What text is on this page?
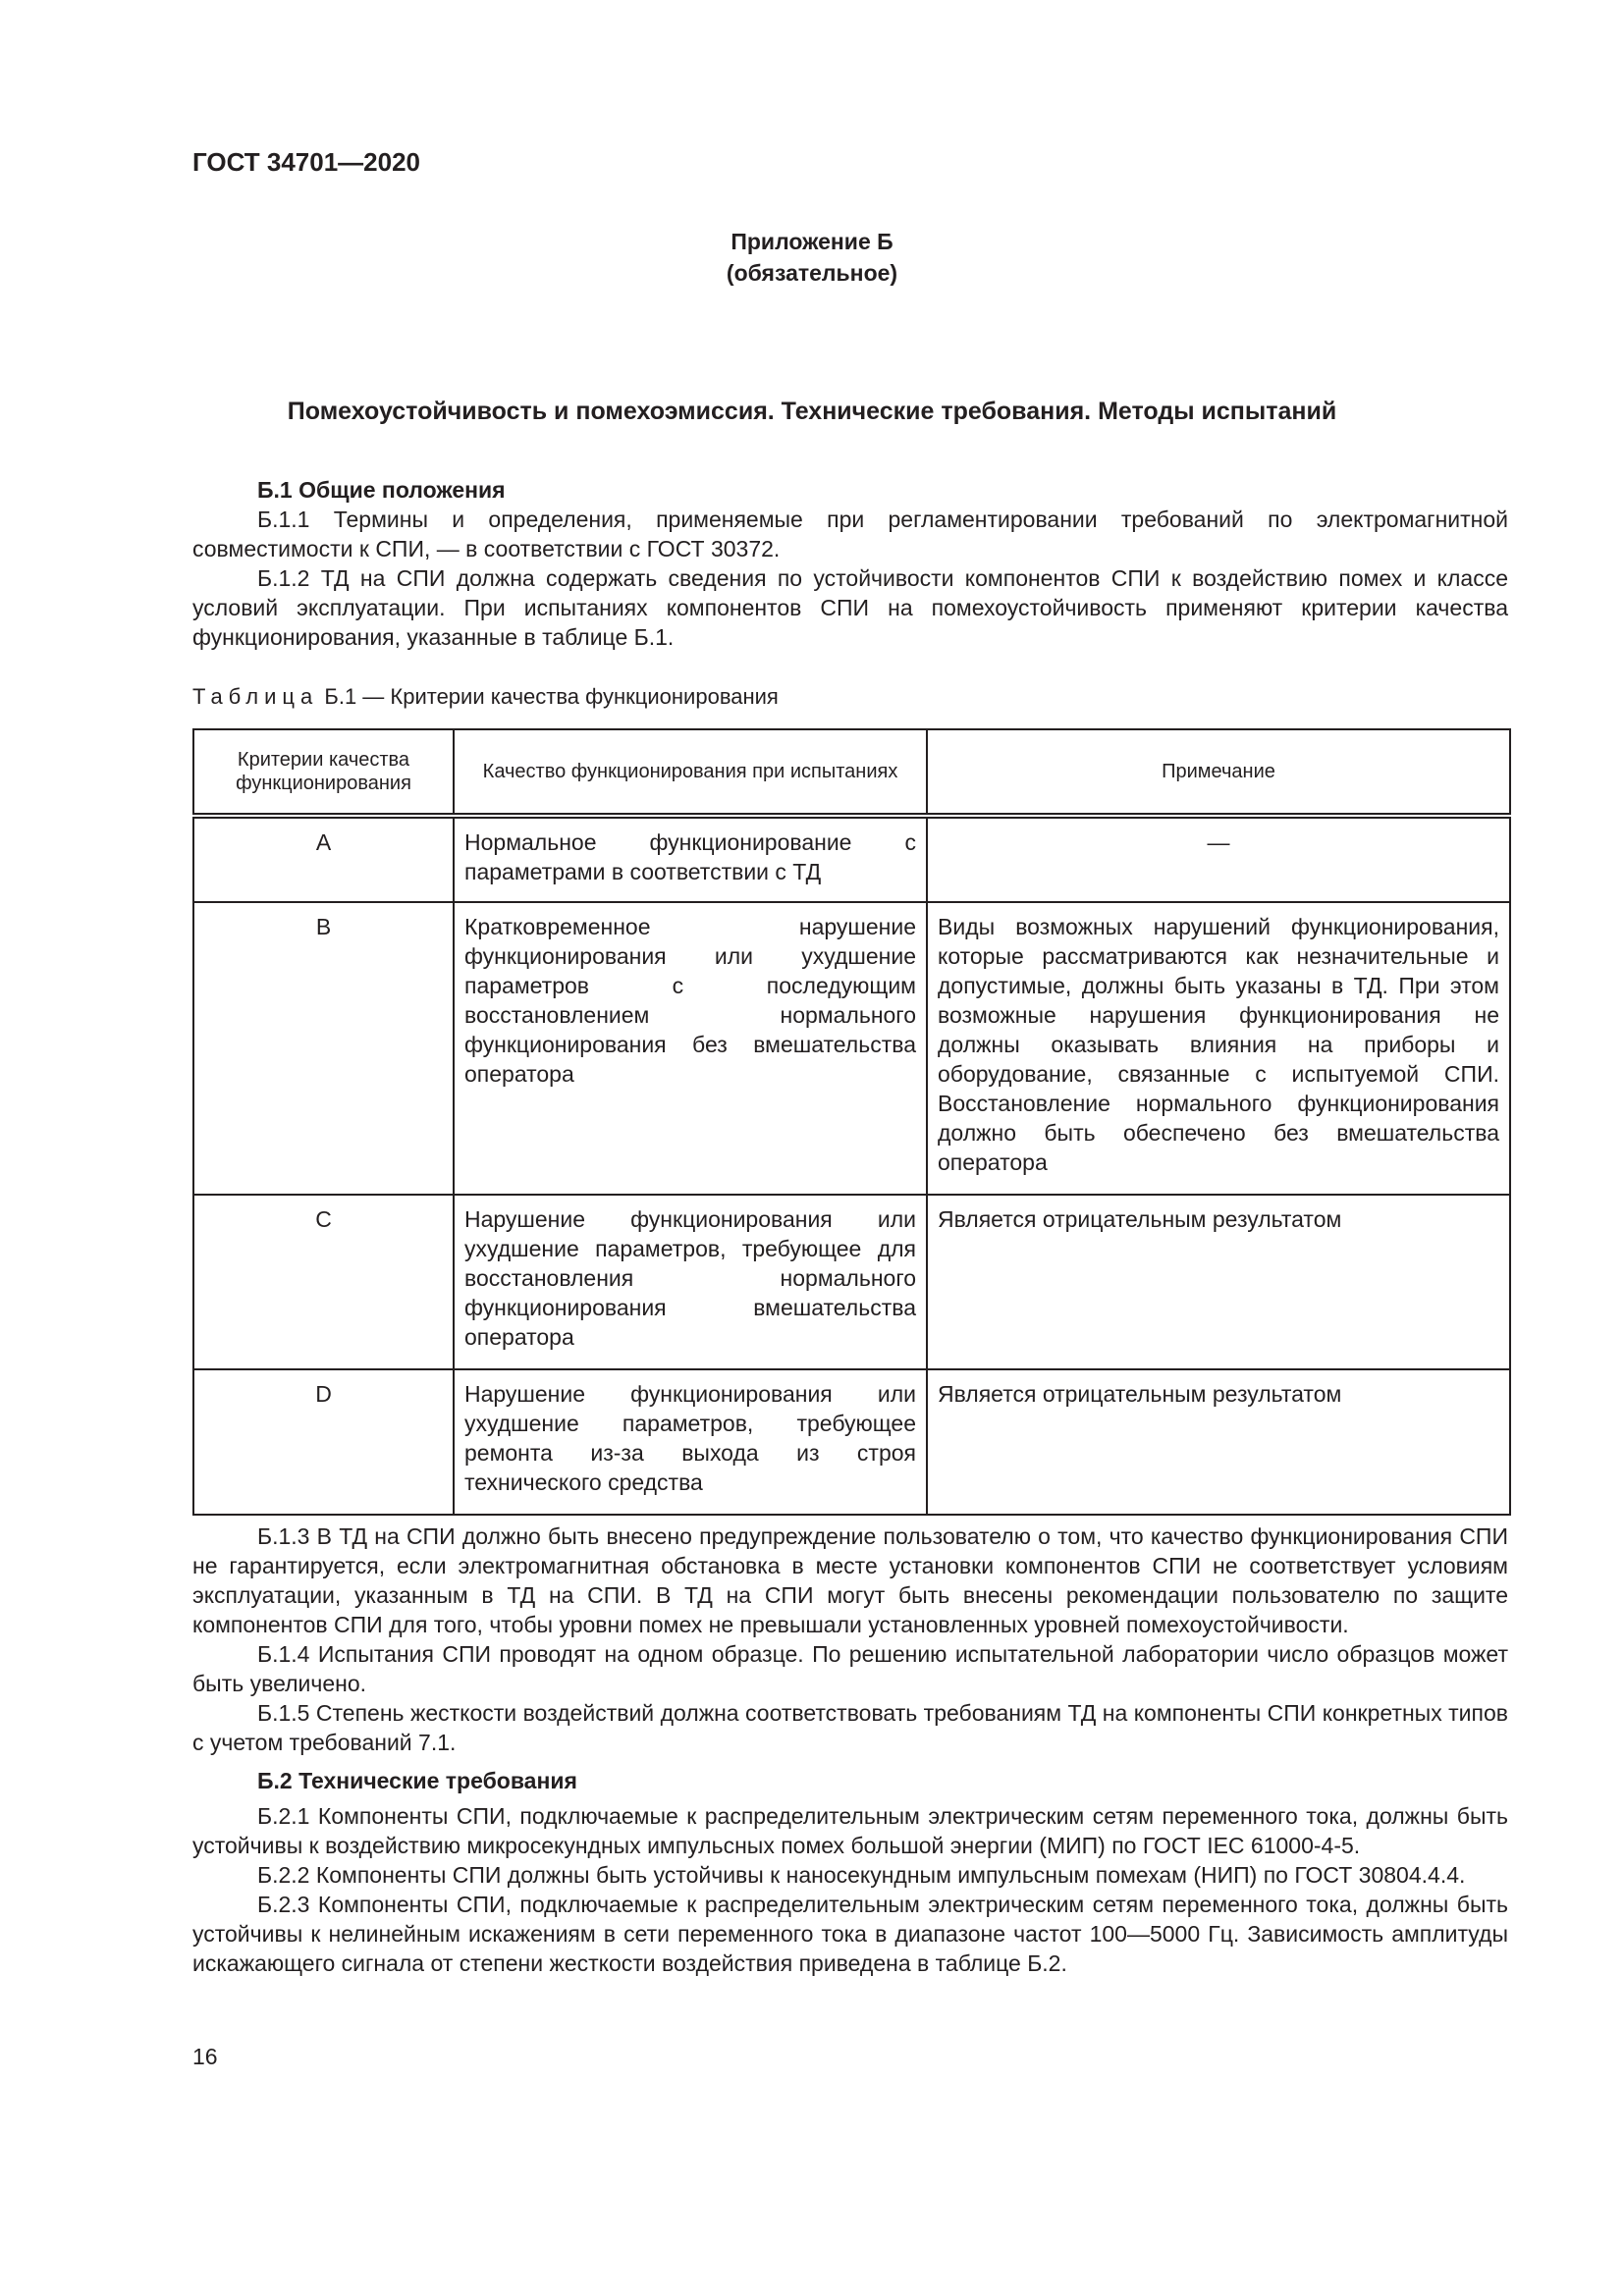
ГОСТ 34701—2020
Приложение Б
(обязательное)
Помехоустойчивость и помехоэмиссия. Технические требования. Методы испытаний
Б.1 Общие положения

Б.1.1 Термины и определения, применяемые при регламентировании требований по электромагнитной совместимости к СПИ, — в соответствии с ГОСТ 30372.

Б.1.2 ТД на СПИ должна содержать сведения по устойчивости компонентов СПИ к воздействию помех и классе условий эксплуатации. При испытаниях компонентов СПИ на помехоустойчивость применяют критерии качества функционирования, указанные в таблице Б.1.

Таблица Б.1 — Критерии качества функционирования
Критерии качества функционирования	Качество функционирования при испытаниях	Примечание
A	Нормальное функционирование с параметрами в соответствии с ТД	—
B	Кратковременное нарушение функционирования или ухудшение параметров с последующим восстановлением нормального функционирования без вмешательства оператора	Виды возможных нарушений функционирования, которые рассматриваются как незначительные и допустимые, должны быть указаны в ТД. При этом возможные нарушения функционирования не должны оказывать влияния на приборы и оборудование, связанные с испытуемой СПИ. Восстановление нормального функционирования должно быть обеспечено без вмешательства оператора
C	Нарушение функционирования или ухудшение параметров, требующее для восстановления нормального функционирования вмешательства оператора	Является отрицательным результатом
D	Нарушение функционирования или ухудшение параметров, требующее ремонта из-за выхода из строя технического средства	Является отрицательным результатом

Б.1.3 В ТД на СПИ должно быть внесено предупреждение пользователю о том, что качество функционирования СПИ не гарантируется, если электромагнитная обстановка в месте установки компонентов СПИ не соответствует условиям эксплуатации, указанным в ТД на СПИ. В ТД на СПИ могут быть внесены рекомендации пользователю по защите компонентов СПИ для того, чтобы уровни помех не превышали установленных уровней помехоустойчивости.

Б.1.4 Испытания СПИ проводят на одном образце. По решению испытательной лаборатории число образцов может быть увеличено.

Б.1.5 Степень жесткости воздействий должна соответствовать требованиям ТД на компоненты СПИ конкретных типов с учетом требований 7.1.

Б.2 Технические требования

Б.2.1 Компоненты СПИ, подключаемые к распределительным электрическим сетям переменного тока, должны быть устойчивы к воздействию микросекундных импульсных помех большой энергии (МИП) по ГОСТ IEC 61000-4-5.

Б.2.2 Компоненты СПИ должны быть устойчивы к наносекундным импульсным помехам (НИП) по ГОСТ 30804.4.4.

Б.2.3 Компоненты СПИ, подключаемые к распределительным электрическим сетям переменного тока, должны быть устойчивы к нелинейным искажениям в сети переменного тока в диапазоне частот 100—5000 Гц. Зависимость амплитуды искажающего сигнала от степени жесткости воздействия приведена в таблице Б.2.

16
